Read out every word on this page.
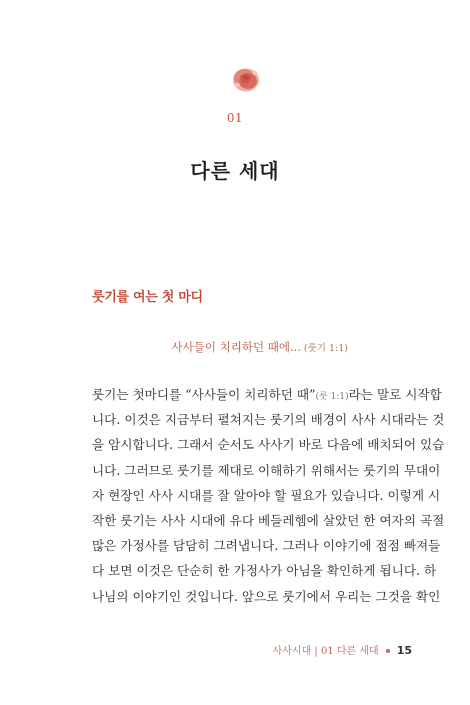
01
다른 세대
룻기를 여는 첫 마디
사사들이 치리하던 때에... (룻기 1:1)
룻기는 첫마디를 “사사들이 치리하던 때”(룻 1:1)라는 말로 시작합
니다. 이것은 지금부터 펼쳐지는 룻기의 배경이 사사 시대라는 것
을 암시합니다. 그래서 순서도 사사기 바로 다음에 배치되어 있습
니다. 그러므로 룻기를 제대로 이해하기 위해서는 룻기의 무대이
자 현장인 사사 시대를 잘 알아야 할 필요가 있습니다. 이렇게 시
작한 룻기는 사사 시대에 유다 베들레헴에 살았던 한 여자의 곡절
많은 가정사를 담담히 그려냅니다. 그러나 이야기에 점점 빠져들
다 보면 이것은 단순히 한 가정사가 아님을 확인하게 됩니다. 하
나님의 이야기인 것입니다. 앞으로 룻기에서 우리는 그것을 확인
사사시대 | 01 다른 세대 15
